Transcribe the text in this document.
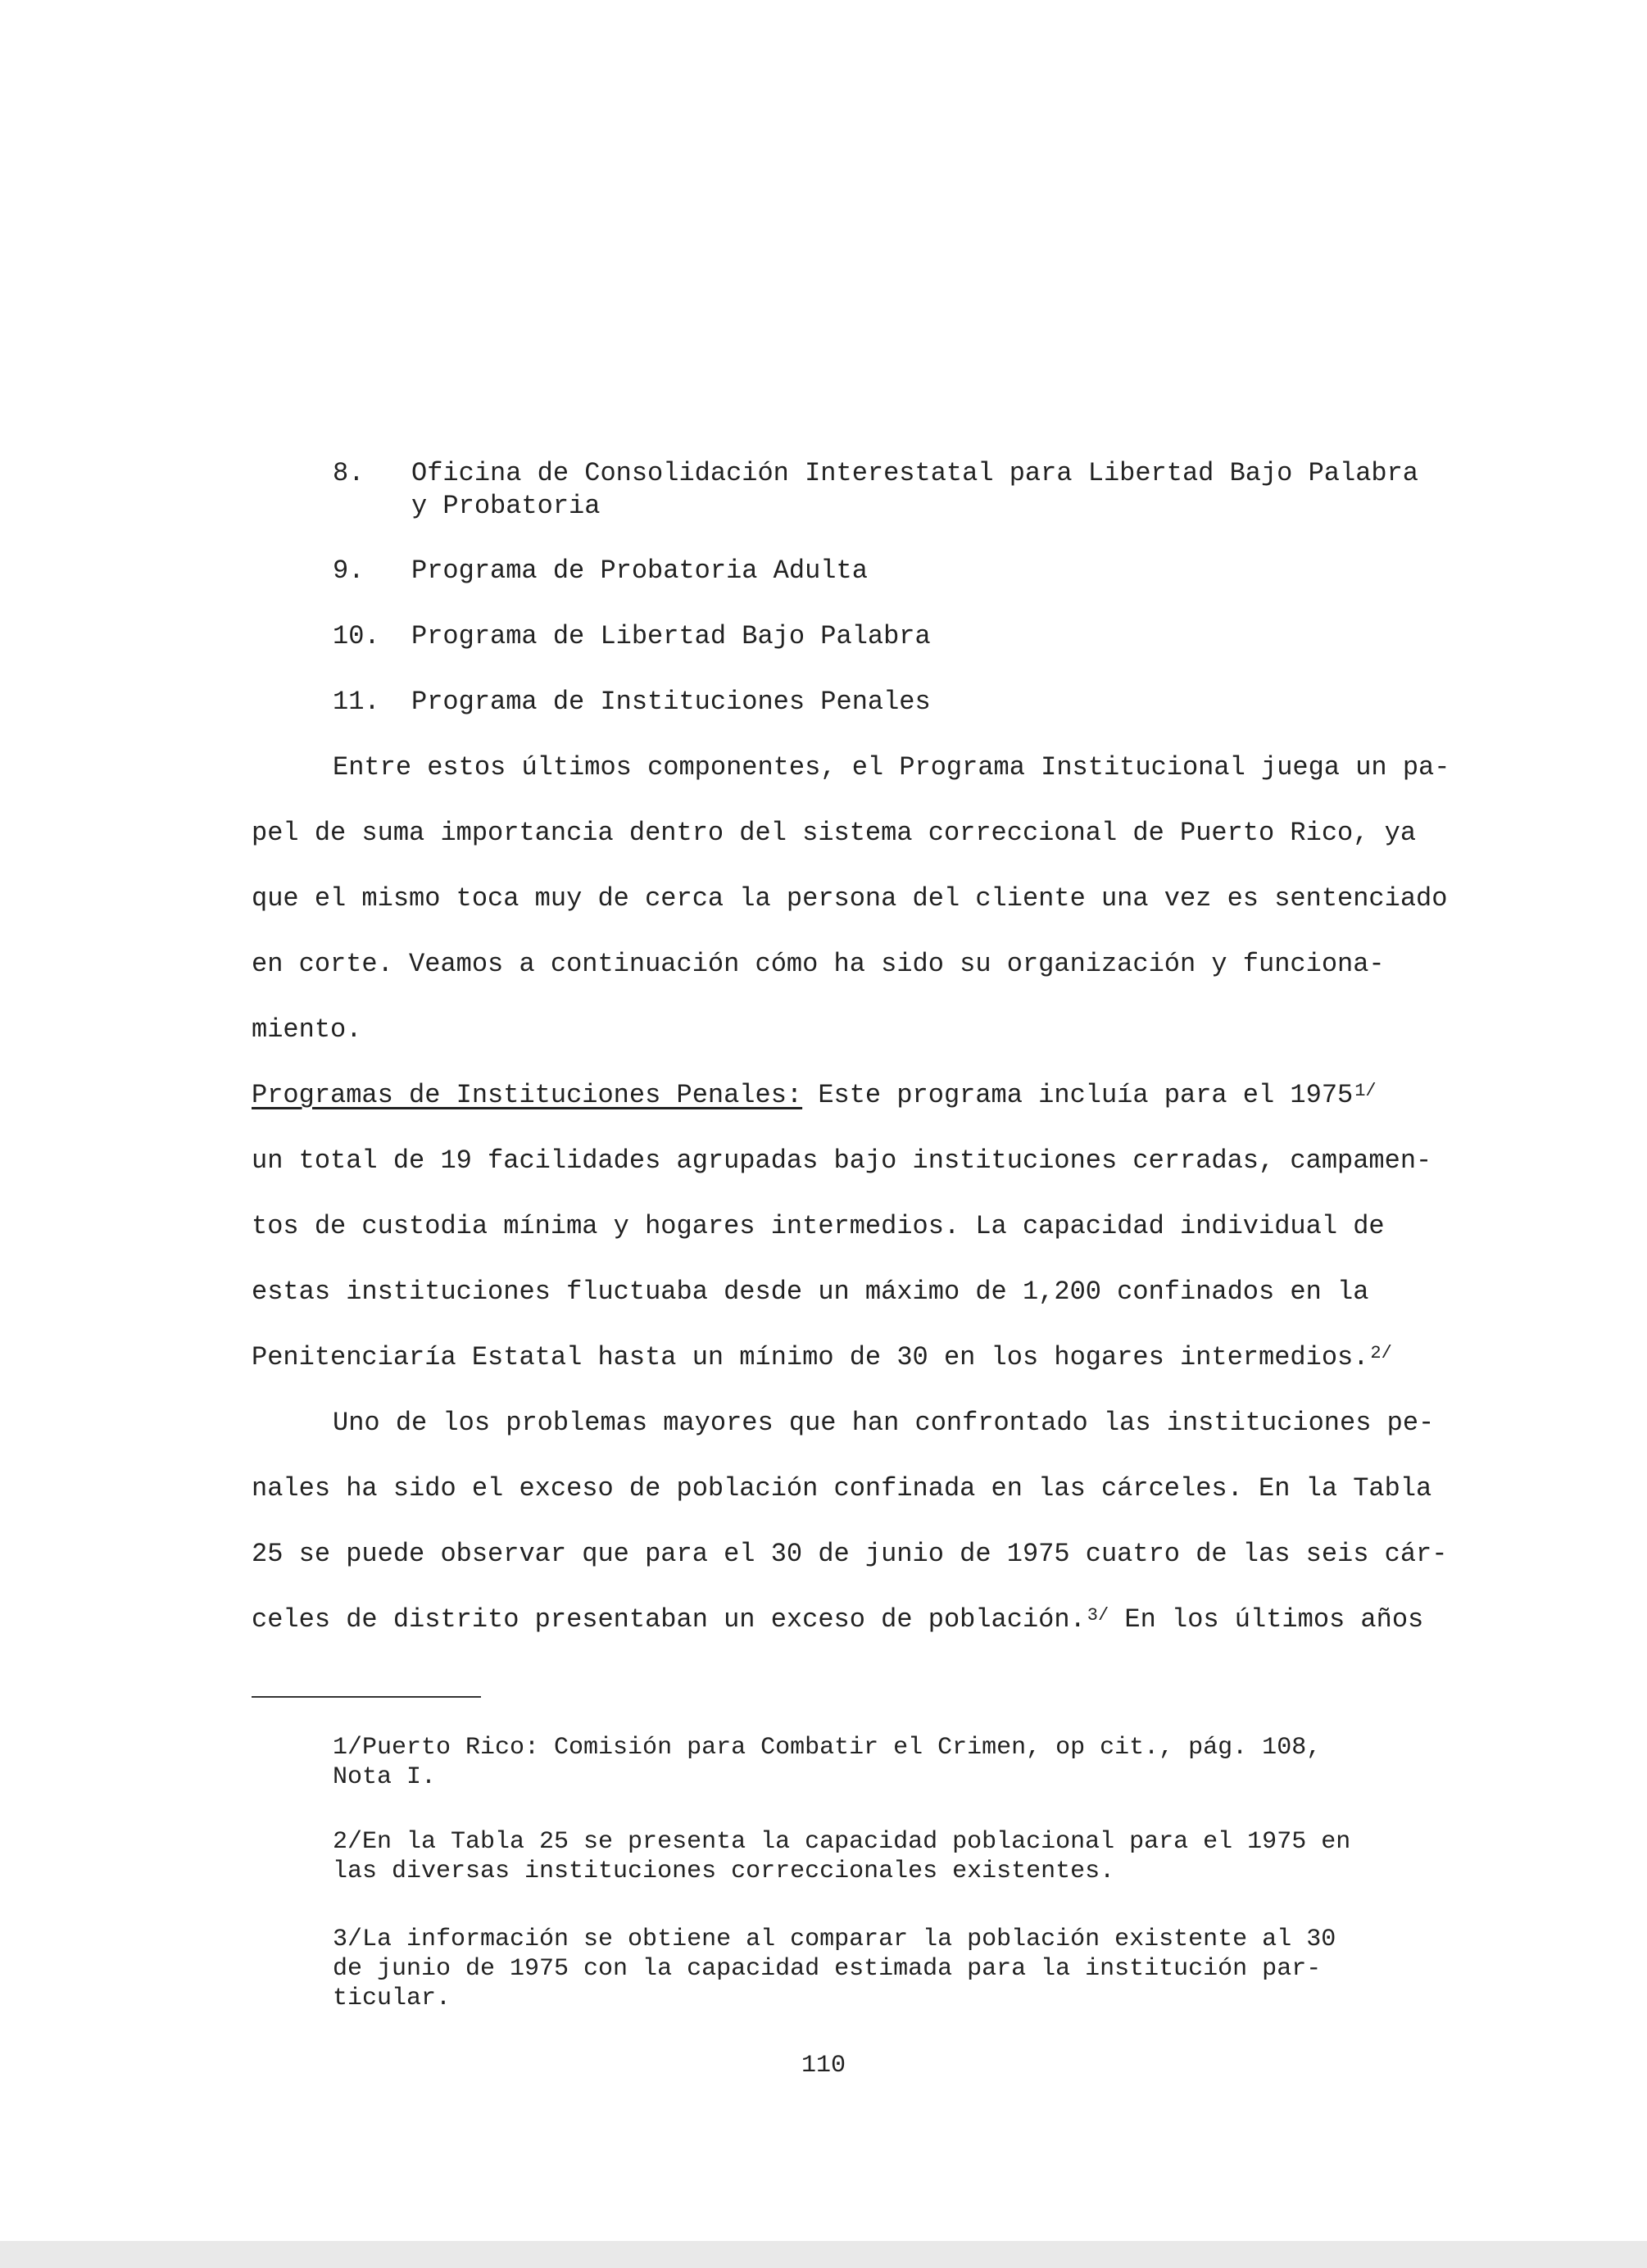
8. Oficina de Consolidación Interestatal para Libertad Bajo Palabra
y Probatoria
9. Programa de Probatoria Adulta
10. Programa de Libertad Bajo Palabra
11. Programa de Instituciones Penales
Entre estos últimos componentes, el Programa Institucional juega un pa-
pel de suma importancia dentro del sistema correccional de Puerto Rico, ya
que el mismo toca muy de cerca la persona del cliente una vez es sentenciado
en corte. Veamos a continuación cómo ha sido su organización y funciona-
miento.
Programas de Instituciones Penales: Este programa incluía para el 1975$^{1/}$
un total de 19 facilidades agrupadas bajo instituciones cerradas, campamen-
tos de custodia mínima y hogares intermedios. La capacidad individual de
estas instituciones fluctuaba desde un máximo de 1,200 confinados en la
Penitenciaría Estatal hasta un mínimo de 30 en los hogares intermedios.$^{2/}$
Uno de los problemas mayores que han confrontado las instituciones pe-
nales ha sido el exceso de población confinada en las cárceles. En la Tabla
25 se puede observar que para el 30 de junio de 1975 cuatro de las seis cár-
celes de distrito presentaban un exceso de población.$^{3/}$ En los últimos años
1/Puerto Rico: Comisión para Combatir el Crimen, op cit., pág. 108,
Nota I.
2/En la Tabla 25 se presenta la capacidad poblacional para el 1975 en
las diversas instituciones correccionales existentes.
3/La información se obtiene al comparar la población existente al 30
de junio de 1975 con la capacidad estimada para la institución par-
ticular.
110
